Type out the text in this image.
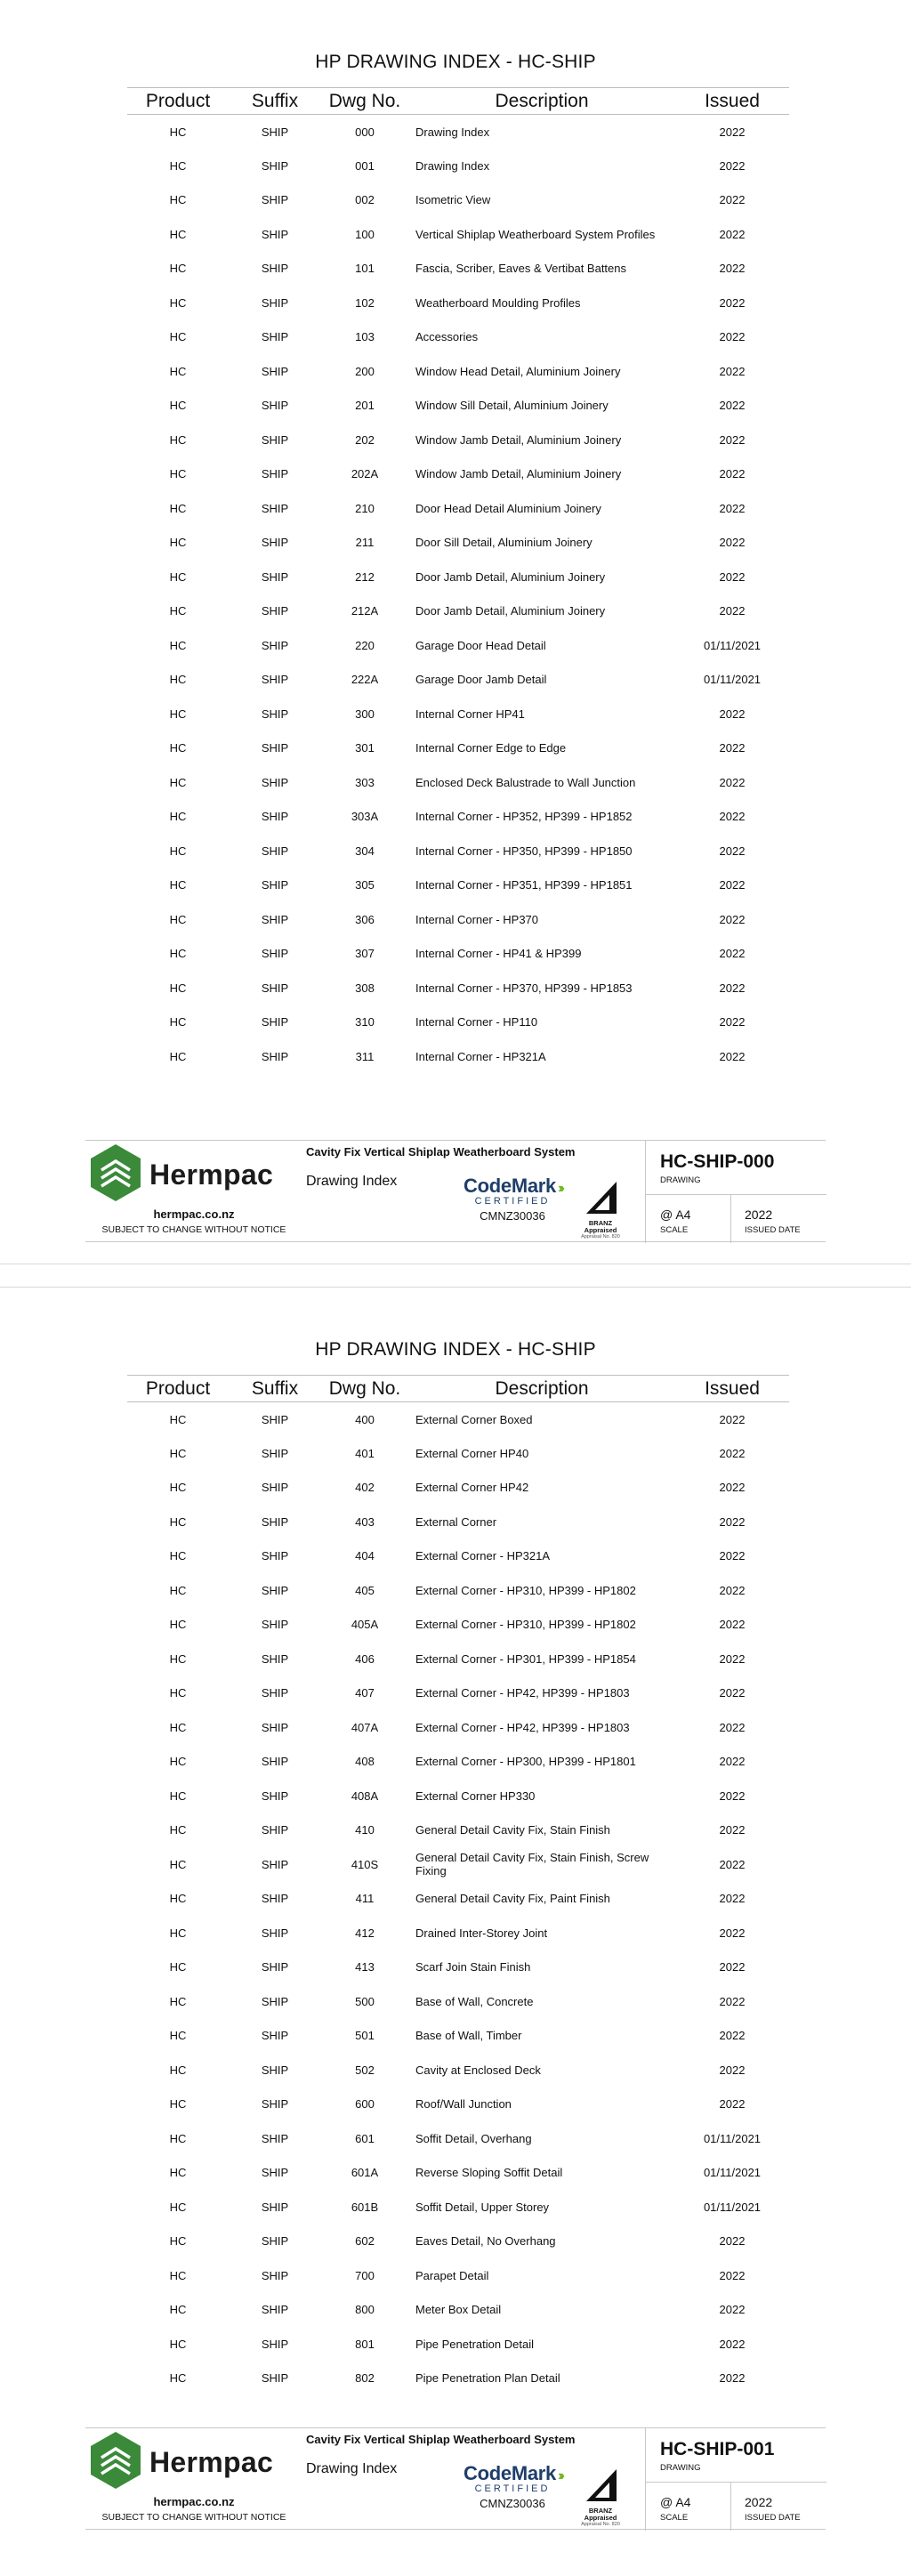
HP DRAWING INDEX - HC-SHIP
Product	Suffix	Dwg No.	Description	Issued
HC	SHIP	000	Drawing Index	2022
HC	SHIP	001	Drawing Index	2022
HC	SHIP	002	Isometric View	2022
HC	SHIP	100	Vertical Shiplap Weatherboard System Profiles	2022
HC	SHIP	101	Fascia, Scriber, Eaves & Vertibat Battens	2022
HC	SHIP	102	Weatherboard Moulding Profiles	2022
HC	SHIP	103	Accessories	2022
HC	SHIP	200	Window Head Detail, Aluminium Joinery	2022
HC	SHIP	201	Window Sill Detail, Aluminium Joinery	2022
HC	SHIP	202	Window Jamb Detail, Aluminium Joinery	2022
HC	SHIP	202A	Window Jamb Detail, Aluminium Joinery	2022
HC	SHIP	210	Door Head Detail Aluminium Joinery	2022
HC	SHIP	211	Door Sill Detail, Aluminium Joinery	2022
HC	SHIP	212	Door Jamb Detail, Aluminium Joinery	2022
HC	SHIP	212A	Door Jamb Detail, Aluminium Joinery	2022
HC	SHIP	220	Garage Door Head Detail	01/11/2021
HC	SHIP	222A	Garage Door Jamb Detail	01/11/2021
HC	SHIP	300	Internal Corner HP41	2022
HC	SHIP	301	Internal Corner Edge to Edge	2022
HC	SHIP	303	Enclosed Deck Balustrade to Wall Junction	2022
HC	SHIP	303A	Internal Corner - HP352, HP399 - HP1852	2022
HC	SHIP	304	Internal Corner - HP350, HP399 - HP1850	2022
HC	SHIP	305	Internal Corner - HP351, HP399 - HP1851	2022
HC	SHIP	306	Internal Corner - HP370	2022
HC	SHIP	307	Internal Corner - HP41 & HP399	2022
HC	SHIP	308	Internal Corner - HP370, HP399 - HP1853	2022
HC	SHIP	310	Internal Corner - HP110	2022
HC	SHIP	311	Internal Corner - HP321A	2022
Hermpac
hermpac.co.nz
SUBJECT TO CHANGE WITHOUT NOTICE
Cavity Fix Vertical Shiplap Weatherboard System
Drawing Index	CodeMark ›››
CERTIFIED
CMNZ30036
BRANZ Appraised
Appraisal No. 820
HC-SHIP-000
DRAWING
@ A4
SCALE
2022
ISSUED DATE
HP DRAWING INDEX - HC-SHIP
Product	Suffix	Dwg No.	Description	Issued
HC	SHIP	400	External Corner Boxed	2022
HC	SHIP	401	External Corner HP40	2022
HC	SHIP	402	External Corner HP42	2022
HC	SHIP	403	External Corner	2022
HC	SHIP	404	External Corner - HP321A	2022
HC	SHIP	405	External Corner - HP310, HP399 - HP1802	2022
HC	SHIP	405A	External Corner - HP310, HP399 - HP1802	2022
HC	SHIP	406	External Corner - HP301, HP399 - HP1854	2022
HC	SHIP	407	External Corner - HP42, HP399 - HP1803	2022
HC	SHIP	407A	External Corner - HP42, HP399 - HP1803	2022
HC	SHIP	408	External Corner - HP300, HP399 - HP1801	2022
HC	SHIP	408A	External Corner HP330	2022
HC	SHIP	410	General Detail Cavity Fix, Stain Finish	2022
HC	SHIP	410S	General Detail Cavity Fix, Stain Finish, Screw Fixing	2022
HC	SHIP	411	General Detail Cavity Fix, Paint Finish	2022
HC	SHIP	412	Drained Inter-Storey Joint	2022
HC	SHIP	413	Scarf Join Stain Finish	2022
HC	SHIP	500	Base of Wall, Concrete	2022
HC	SHIP	501	Base of Wall, Timber	2022
HC	SHIP	502	Cavity at Enclosed Deck	2022
HC	SHIP	600	Roof/Wall Junction	2022
HC	SHIP	601	Soffit Detail, Overhang	01/11/2021
HC	SHIP	601A	Reverse Sloping Soffit Detail	01/11/2021
HC	SHIP	601B	Soffit Detail, Upper Storey	01/11/2021
HC	SHIP	602	Eaves Detail, No Overhang	2022
HC	SHIP	700	Parapet Detail	2022
HC	SHIP	800	Meter Box Detail	2022
HC	SHIP	801	Pipe Penetration Detail	2022
HC	SHIP	802	Pipe Penetration Plan Detail	2022
Hermpac
hermpac.co.nz
SUBJECT TO CHANGE WITHOUT NOTICE
Cavity Fix Vertical Shiplap Weatherboard System
Drawing Index	CodeMark ›››
CERTIFIED
CMNZ30036
BRANZ Appraised
Appraisal No. 820
HC-SHIP-001
DRAWING
@ A4
SCALE
2022
ISSUED DATE
